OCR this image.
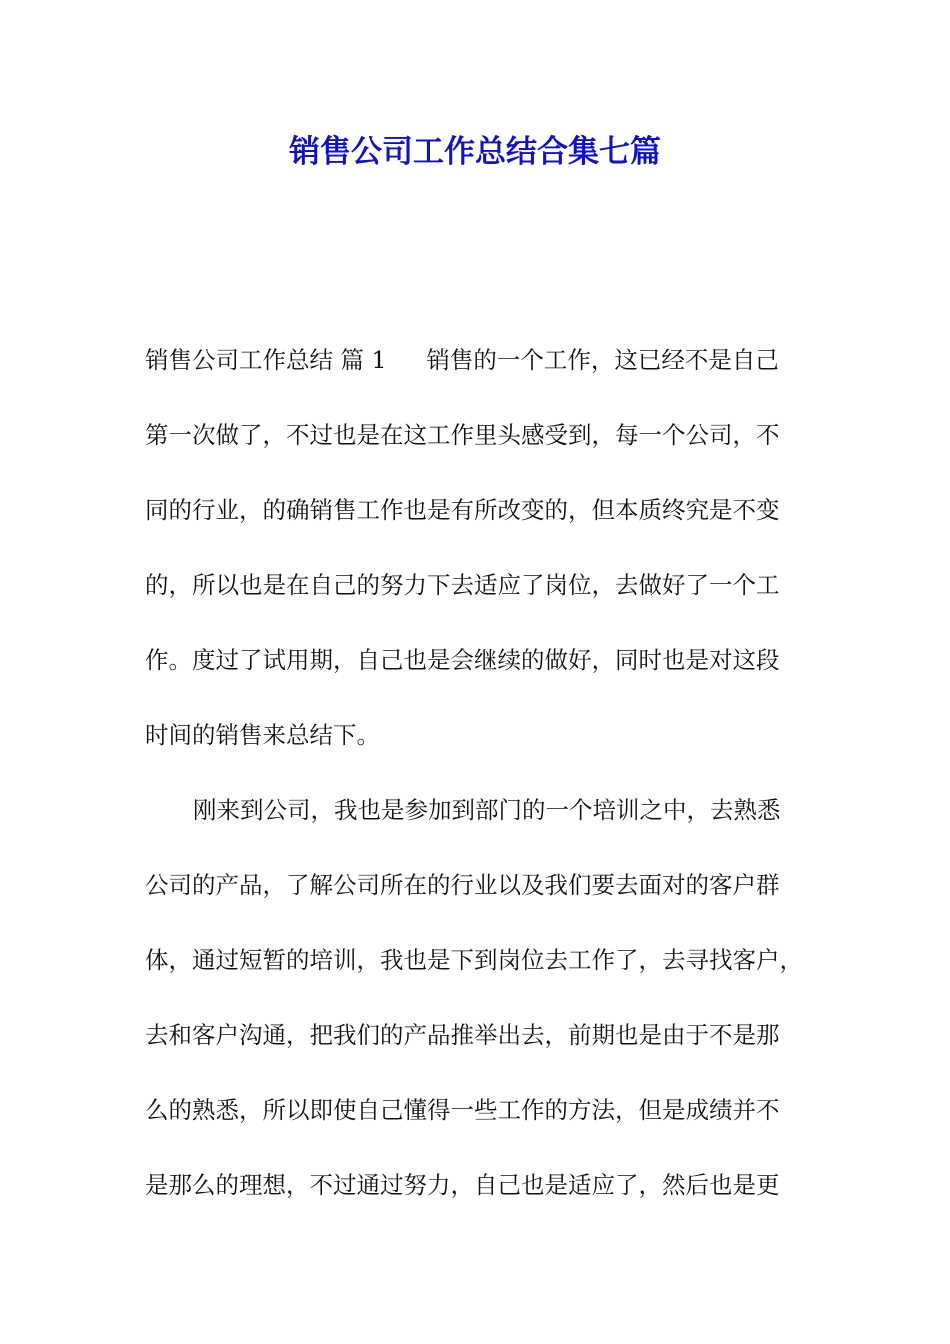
销售公司工作总结合集七篇

销售公司工作总结 篇 1 销售的一个工作，这已经不是自己

第一次做了，不过也是在这工作里头感受到，每一个公司，不

同的行业，的确销售工作也是有所改变的，但本质终究是不变

的，所以也是在自己的努力下去适应了岗位，去做好了一个工

作。度过了试用期，自己也是会继续的做好，同时也是对这段

时间的销售来总结下。

刚来到公司，我也是参加到部门的一个培训之中，去熟悉

公司的产品，了解公司所在的行业以及我们要去面对的客户群

体，通过短暂的培训，我也是下到岗位去工作了，去寻找客户，

去和客户沟通，把我们的产品推举出去，前期也是由于不是那

么的熟悉，所以即使自己懂得一些工作的方法，但是成绩并不

是那么的理想，不过通过努力，自己也是适应了，然后也是更
